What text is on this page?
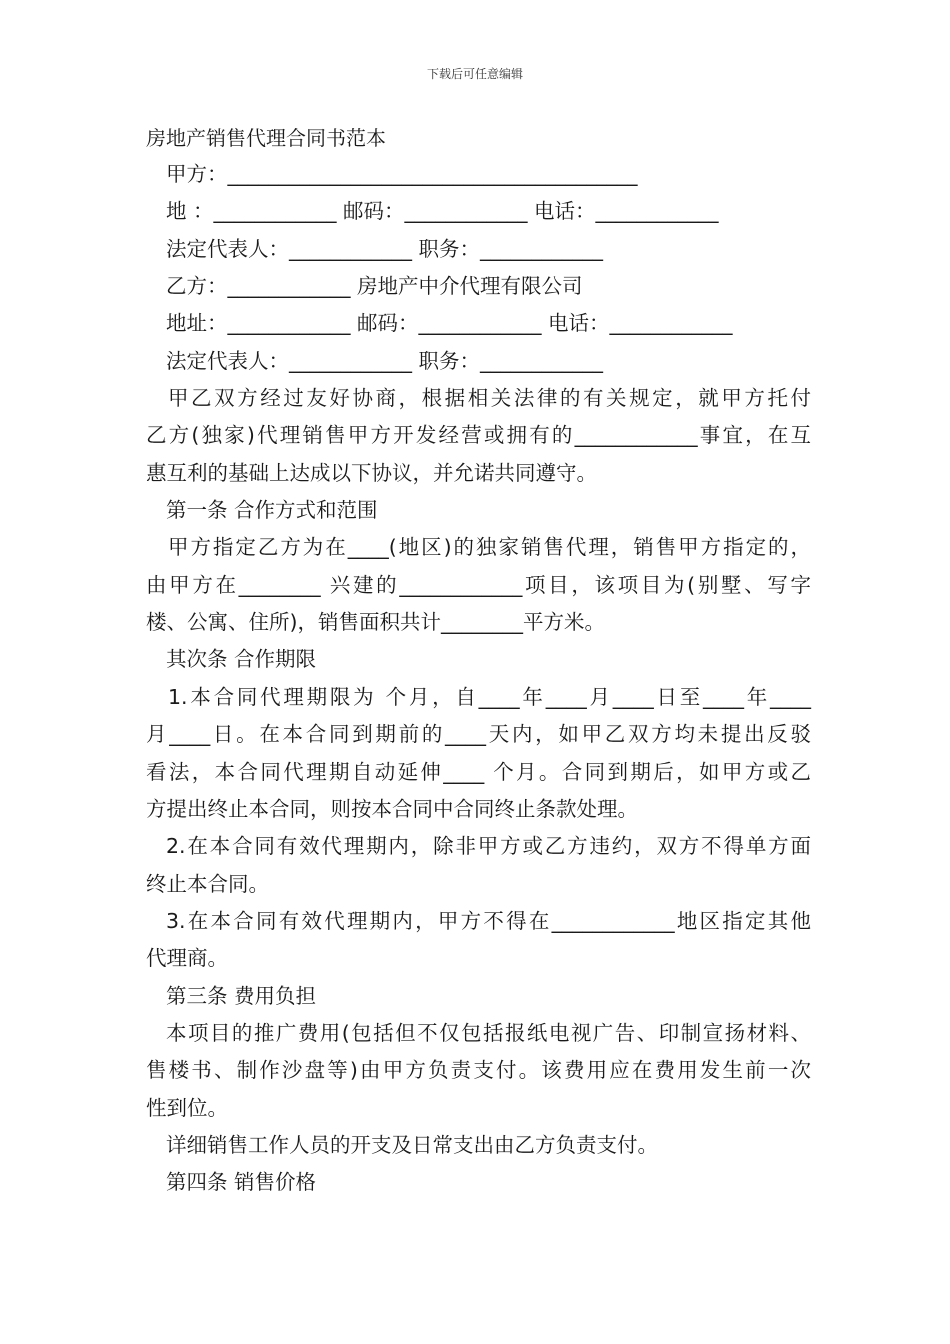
下载后可任意编辑
房地产销售代理合同书范本
甲方：________________________________________
地 ：____________ 邮码：____________ 电话：____________
法定代表人：____________ 职务：____________
乙方：____________ 房地产中介代理有限公司
地址：____________ 邮码：____________ 电话：____________
法定代表人：____________ 职务：____________
甲乙双方经过友好协商，根据相关法律的有关规定，就甲方托付
乙方(独家)代理销售甲方开发经营或拥有的____________事宜，在互
惠互利的基础上达成以下协议，并允诺共同遵守。
第一条 合作方式和范围
甲方指定乙方为在____(地区)的独家销售代理，销售甲方指定的，
由甲方在________ 兴建的____________项目，该项目为(别墅、写字
楼、公寓、住所)，销售面积共计________平方米。
其次条 合作期限
1.本合同代理期限为 个月，自____年____月____日至____年____
月____日。在本合同到期前的____天内，如甲乙双方均未提出反驳
看法，本合同代理期自动延伸____ 个月。合同到期后，如甲方或乙
方提出终止本合同，则按本合同中合同终止条款处理。
2.在本合同有效代理期内，除非甲方或乙方违约，双方不得单方面
终止本合同。
3.在本合同有效代理期内，甲方不得在____________地区指定其他
代理商。
第三条 费用负担
本项目的推广费用(包括但不仅包括报纸电视广告、印制宣扬材料、
售楼书、制作沙盘等)由甲方负责支付。该费用应在费用发生前一次
性到位。
详细销售工作人员的开支及日常支出由乙方负责支付。
第四条 销售价格
